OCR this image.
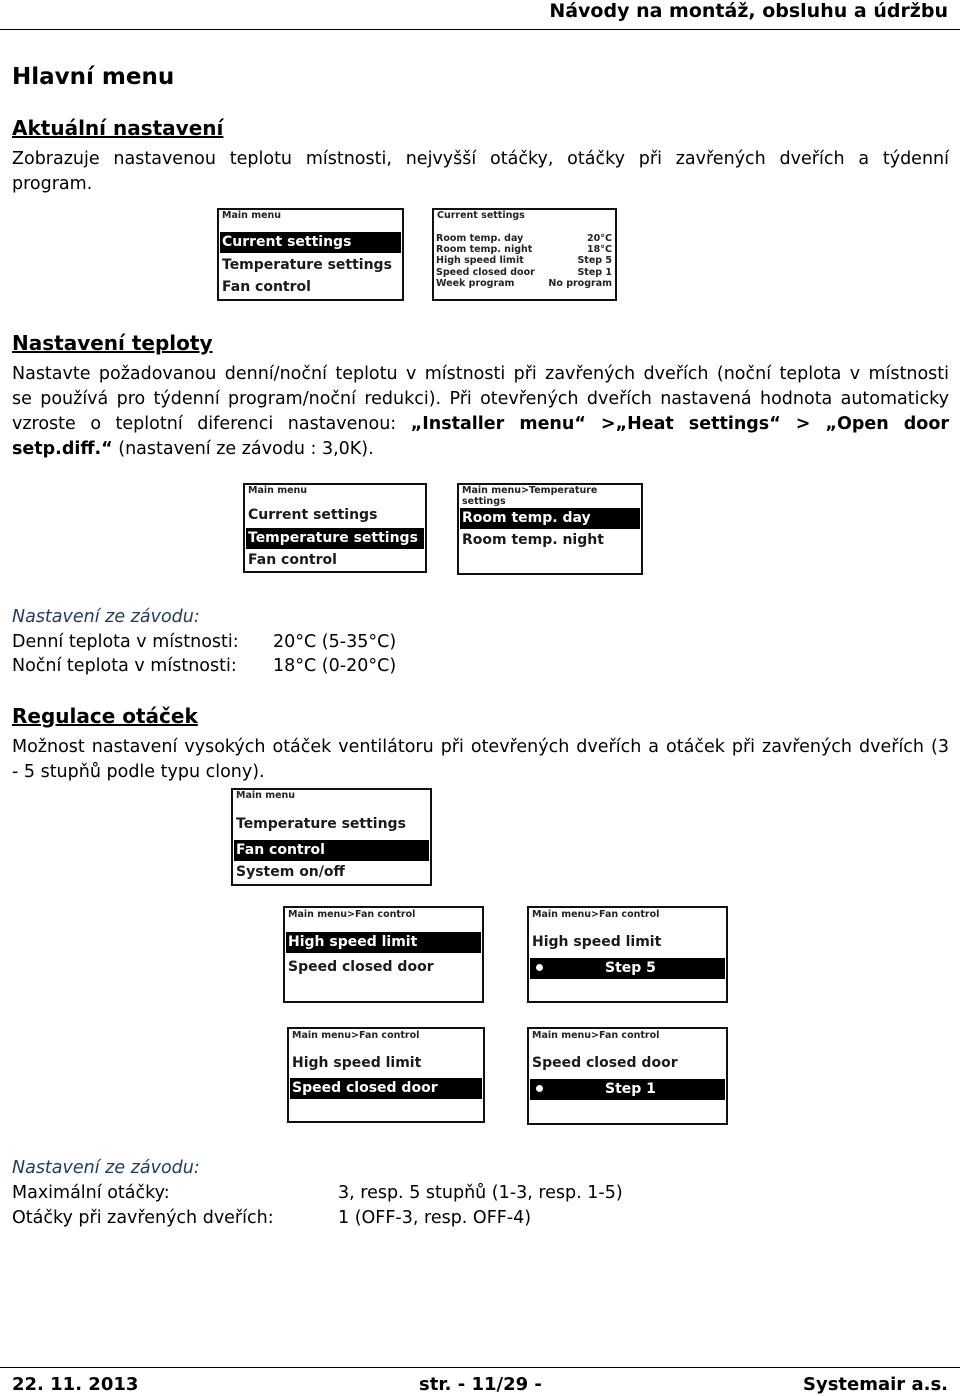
Návody na montáž, obsluhu a údržbu
Hlavní menu
Aktuální nastavení
Zobrazuje nastavenou teplotu místnosti, nejvyšší otáčky, otáčky při zavřených dveřích a týdenní
program.
Main menu
Current settings
Temperature settings
Fan control
Current settings
Room temp. day	20°C
Room temp. night	18°C
High speed limit	Step 5
Speed closed door	Step 1
Week program	No program
Nastavení teploty
Nastavte požadovanou denní/noční teplotu v místnosti při zavřených dveřích (noční teplota v místnosti
se používá pro týdenní program/noční redukci). Při otevřených dveřích nastavená hodnota automaticky
vzroste o teplotní diferenci nastavenou: „Installer menu“ >„Heat settings“ > „Open door
setp.diff.“ (nastavení ze závodu : 3,0K).
Main menu
Current settings
Temperature settings
Fan control
Main menu>Temperature
settings
Room temp. day
Room temp. night
Nastavení ze závodu:
Denní teplota v místnosti: 20°C (5-35°C)
Noční teplota v místnosti: 18°C (0-20°C)
Regulace otáček
Možnost nastavení vysokých otáček ventilátoru při otevřených dveřích a otáček při zavřených dveřích (3
- 5 stupňů podle typu clony).
Main menu
Temperature settings
Fan control
System on/off
Main menu>Fan control
High speed limit
Speed closed door
Main menu>Fan control
High speed limit
Step 5
Main menu>Fan control
High speed limit
Speed closed door
Main menu>Fan control
Speed closed door
Step 1
Nastavení ze závodu:
Maximální otáčky:	3, resp. 5 stupňů (1-3, resp. 1-5)
Otáčky při zavřených dveřích:	1 (OFF-3, resp. OFF-4)
22. 11. 2013	str. - 11/29 -	Systemair a.s.
